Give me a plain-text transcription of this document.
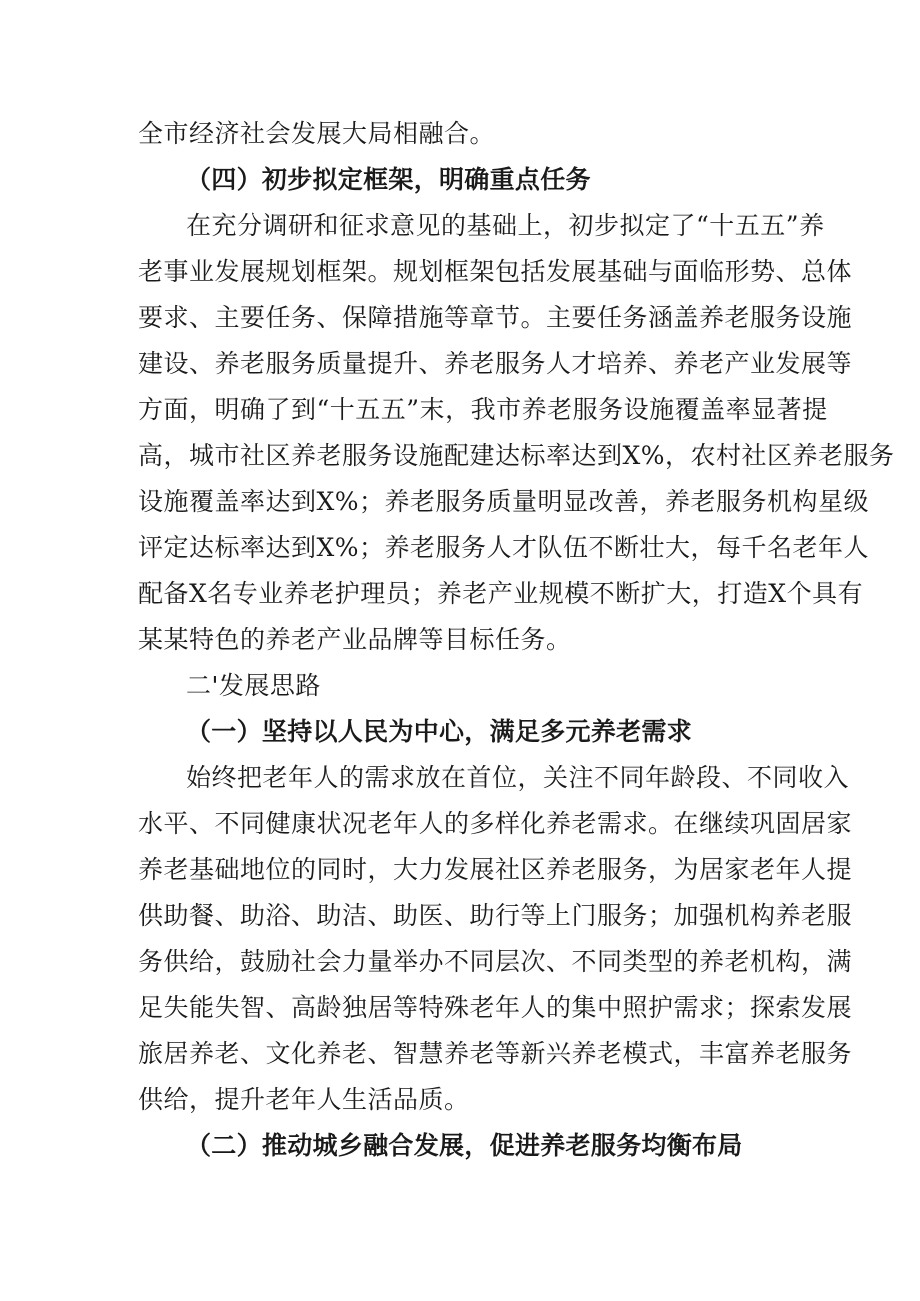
全市经济社会发展大局相融合。
（四）初步拟定框架，明确重点任务
在充分调研和征求意见的基础上，初步拟定了“十五五”养
老事业发展规划框架。规划框架包括发展基础与面临形势、总体
要求、主要任务、保障措施等章节。主要任务涵盖养老服务设施
建设、养老服务质量提升、养老服务人才培养、养老产业发展等
方面，明确了到“十五五”末，我市养老服务设施覆盖率显著提
高，城市社区养老服务设施配建达标率达到X%，农村社区养老服务
设施覆盖率达到X%；养老服务质量明显改善，养老服务机构星级
评定达标率达到X%；养老服务人才队伍不断壮大，每千名老年人
配备X名专业养老护理员；养老产业规模不断扩大，打造X个具有
某某特色的养老产业品牌等目标任务。
二'发展思路
（一）坚持以人民为中心，满足多元养老需求
始终把老年人的需求放在首位，关注不同年龄段、不同收入
水平、不同健康状况老年人的多样化养老需求。在继续巩固居家
养老基础地位的同时，大力发展社区养老服务，为居家老年人提
供助餐、助浴、助洁、助医、助行等上门服务；加强机构养老服
务供给，鼓励社会力量举办不同层次、不同类型的养老机构，满
足失能失智、高龄独居等特殊老年人的集中照护需求；探索发展
旅居养老、文化养老、智慧养老等新兴养老模式，丰富养老服务
供给，提升老年人生活品质。
（二）推动城乡融合发展，促进养老服务均衡布局
